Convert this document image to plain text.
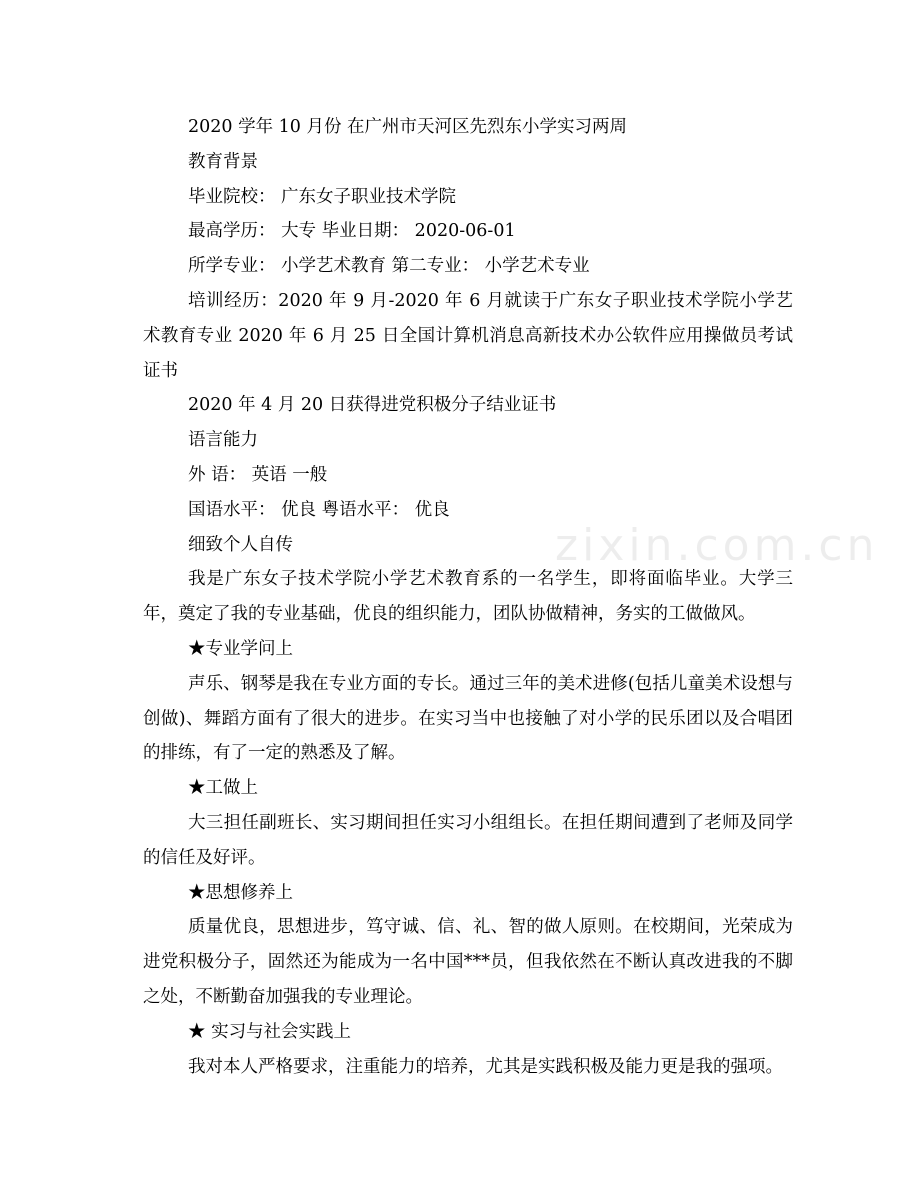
2020 学年 10 月份 在广州市天河区先烈东小学实习两周

教育背景

毕业院校： 广东女子职业技术学院

最高学历： 大专 毕业日期： 2020-06-01

所学专业： 小学艺术教育 第二专业： 小学艺术专业

培训经历：2020 年 9 月-2020 年 6 月就读于广东女子职业技术学院小学艺术教育专业 2020 年 6 月 25 日全国计算机消息高新技术办公软件应用操做员考试证书

2020 年 4 月 20 日获得进党积极分子结业证书

语言能力

外 语： 英语 一般

国语水平： 优良 粤语水平： 优良

细致个人自传

我是广东女子技术学院小学艺术教育系的一名学生，即将面临毕业。大学三年，奠定了我的专业基础，优良的组织能力，团队协做精神，务实的工做做风。

★专业学问上

声乐、钢琴是我在专业方面的专长。通过三年的美术进修(包括儿童美术设想与创做)、舞蹈方面有了很大的进步。在实习当中也接触了对小学的民乐团以及合唱团的排练，有了一定的熟悉及了解。

★工做上

大三担任副班长、实习期间担任实习小组组长。在担任期间遭到了老师及同学的信任及好评。

★思想修养上

质量优良，思想进步，笃守诚、信、礼、智的做人原则。在校期间，光荣成为进党积极分子，固然还为能成为一名中国***员，但我依然在不断认真改进我的不脚之处，不断勤奋加强我的专业理论。

★ 实习与社会实践上

我对本人严格要求，注重能力的培养，尤其是实践积极及能力更是我的强项。

zixin.com.cn
